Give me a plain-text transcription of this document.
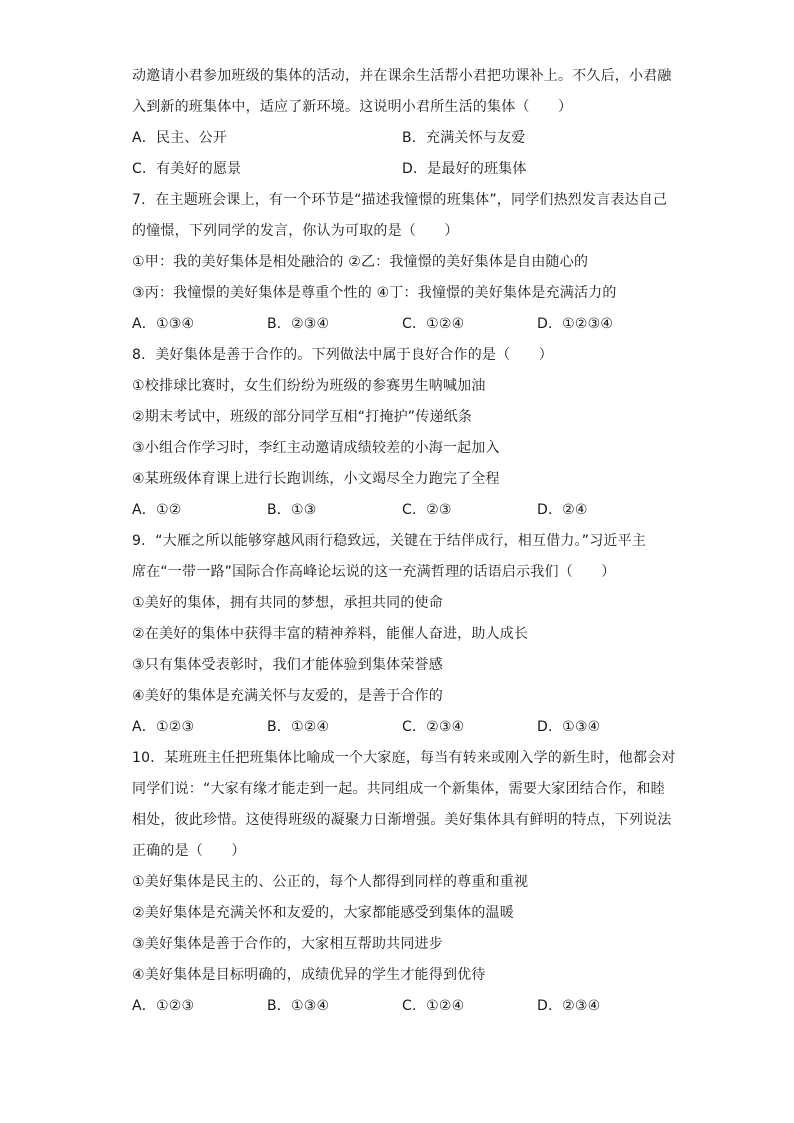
动邀请小君参加班级的集体的活动，并在课余生活帮小君把功课补上。不久后，小君融
入到新的班集体中，适应了新环境。这说明小君所生活的集体（　　）
A．民主、公开	B．充满关怀与友爱
C．有美好的愿景	D．是最好的班集体
7．在主题班会课上，有一个环节是“描述我憧憬的班集体”，同学们热烈发言表达自己
的憧憬，下列同学的发言，你认为可取的是（　　）
①甲：我的美好集体是相处融洽的 ②乙：我憧憬的美好集体是自由随心的
③丙：我憧憬的美好集体是尊重个性的 ④丁：我憧憬的美好集体是充满活力的
A．①③④	B．②③④	C．①②④	D．①②③④
8．美好集体是善于合作的。下列做法中属于良好合作的是（　　）
①校排球比赛时，女生们纷纷为班级的参赛男生呐喊加油
②期末考试中，班级的部分同学互相“打掩护”传递纸条
③小组合作学习时，李红主动邀请成绩较差的小海一起加入
④某班级体育课上进行长跑训练，小文竭尽全力跑完了全程
A．①②	B．①③	C．②③	D．②④
9．“大雁之所以能够穿越风雨行稳致远，关键在于结伴成行，相互借力。”习近平主
席在“一带一路”国际合作高峰论坛说的这一充满哲理的话语启示我们（　　）
①美好的集体，拥有共同的梦想，承担共同的使命
②在美好的集体中获得丰富的精神养料，能催人奋进，助人成长
③只有集体受表彰时，我们才能体验到集体荣誉感
④美好的集体是充满关怀与友爱的，是善于合作的
A．①②③	B．①②④	C．②③④	D．①③④
10．某班班主任把班集体比喻成一个大家庭，每当有转来或刚入学的新生时，他都会对
同学们说：“大家有缘才能走到一起。共同组成一个新集体，需要大家团结合作，和睦
相处，彼此珍惜。这使得班级的凝聚力日渐增强。美好集体具有鲜明的特点，下列说法
正确的是（　　）
①美好集体是民主的、公正的，每个人都得到同样的尊重和重视
②美好集体是充满关怀和友爱的，大家都能感受到集体的温暖
③美好集体是善于合作的，大家相互帮助共同进步
④美好集体是目标明确的，成绩优异的学生才能得到优待
A．①②③	B．①③④	C．①②④	D．②③④
